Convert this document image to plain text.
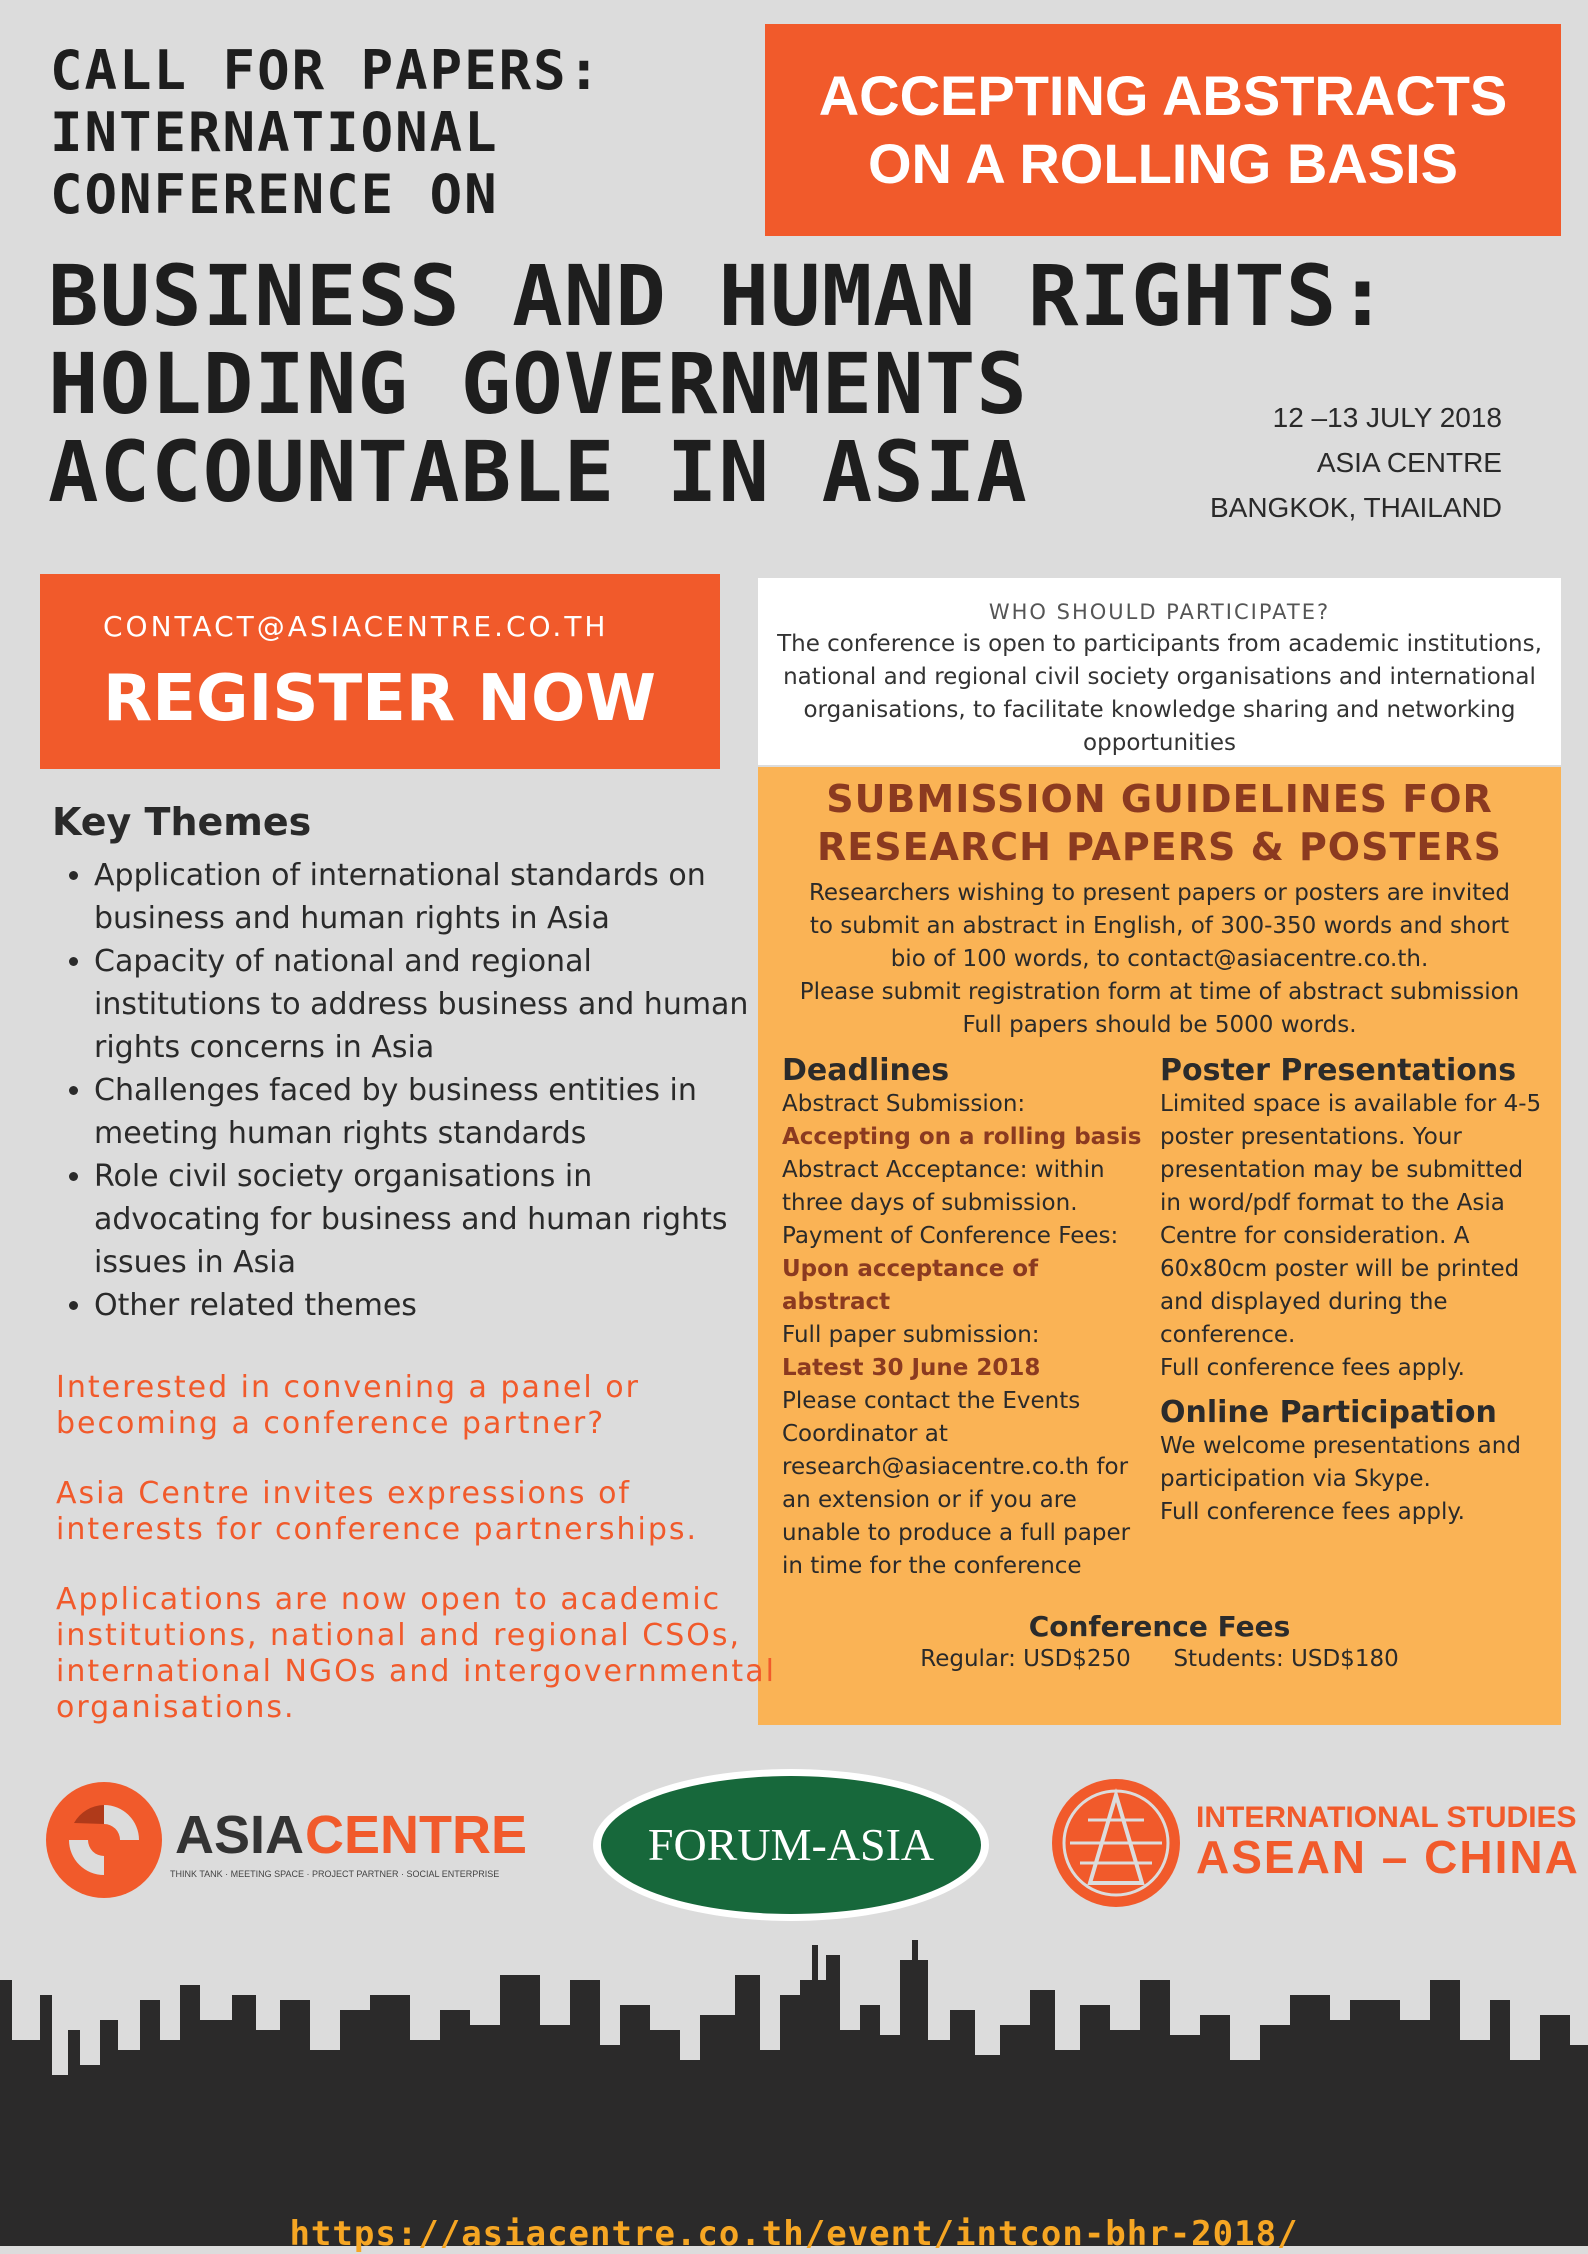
CALL FOR PAPERS:
INTERNATIONAL
CONFERENCE ON
ACCEPTING ABSTRACTS
ON A ROLLING BASIS
BUSINESS AND HUMAN RIGHTS:
HOLDING GOVERNMENTS
ACCOUNTABLE IN ASIA
12 –13 JULY 2018
ASIA CENTRE
BANGKOK, THAILAND
CONTACT@ASIACENTRE.CO.TH
REGISTER NOW
WHO SHOULD PARTICIPATE?
The conference is open to participants from academic institutions, national and regional civil society organisations and international organisations, to facilitate knowledge sharing and networking opportunities
SUBMISSION GUIDELINES FOR
RESEARCH PAPERS & POSTERS
Researchers wishing to present papers or posters are invited
to submit an abstract in English, of 300-350 words and short
bio of 100 words, to contact@asiacentre.co.th.
Please submit registration form at time of abstract submission
Full papers should be 5000 words.
Deadlines
Abstract Submission:
Accepting on a rolling basis
Abstract Acceptance: within three days of submission.
Payment of Conference Fees:
Upon acceptance of abstract
Full paper submission:
Latest 30 June 2018
Please contact the Events Coordinator at research@asiacentre.co.th for an extension or if you are unable to produce a full paper in time for the conference
Poster Presentations
Limited space is available for 4-5 poster presentations. Your presentation may be submitted in word/pdf format to the Asia Centre for consideration. A 60x80cm poster will be printed and displayed during the conference.
Full conference fees apply.
Online Participation
We welcome presentations and participation via Skype.
Full conference fees apply.
Conference Fees
Regular: USD$250 Students: USD$180
Key Themes
• Application of international standards on business and human rights in Asia
• Capacity of national and regional institutions to address business and human rights concerns in Asia
• Challenges faced by business entities in meeting human rights standards
• Role civil society organisations in advocating for business and human rights issues in Asia
• Other related themes

Interested in convening a panel or becoming a conference partner?

Asia Centre invites expressions of interests for conference partnerships.

Applications are now open to academic institutions, national and regional CSOs, international NGOs and intergovernmental organisations.

ASIA CENTRE
THINK TANK · MEETING SPACE · PROJECT PARTNER · SOCIAL ENTERPRISE
FORUM-ASIA
INTERNATIONAL STUDIES
ASEAN – CHINA
https://asiacentre.co.th/event/intcon-bhr-2018/
